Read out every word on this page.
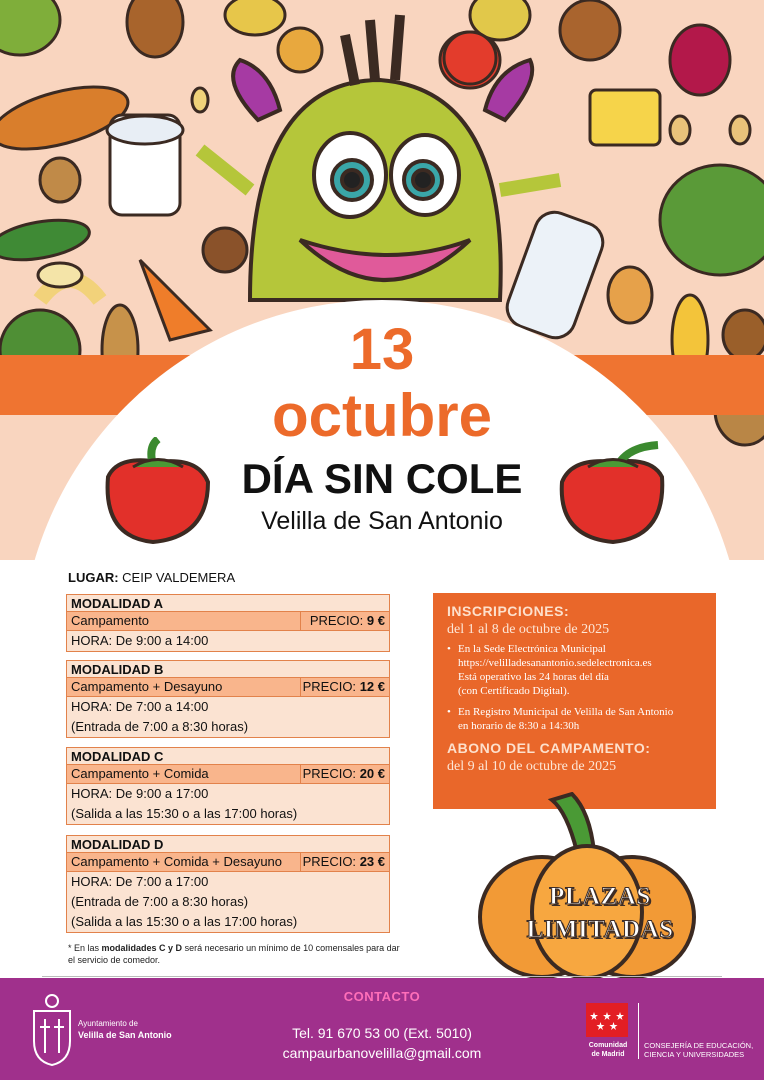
13
octubre
DÍA SIN COLE
Velilla de San Antonio
LUGAR: CEIP VALDEMERA
MODALIDAD A
Campamento	PRECIO: 9 €
HORA: De 9:00 a 14:00
MODALIDAD B
Campamento + Desayuno	PRECIO: 12 €
HORA: De 7:00 a 14:00
(Entrada de 7:00 a 8:30 horas)
MODALIDAD C
Campamento + Comida	PRECIO: 20 €
HORA: De 9:00 a 17:00
(Salida a las 15:30 o a las 17:00 horas)
MODALIDAD D
Campamento + Comida + Desayuno	PRECIO: 23 €
HORA: De 7:00 a 17:00
(Entrada de 7:00 a 8:30 horas)
(Salida a las 15:30 o a las 17:00 horas)
* En las modalidades C y D será necesario un mínimo de 10 comensales para dar el servicio de comedor.
INSCRIPCIONES:
del 1 al 8 de octubre de 2025
• En la Sede Electrónica Municipal
https://velilladesanantonio.sedelectronica.es
Está operativo las 24 horas del día
(con Certificado Digital).
• En Registro Municipal de Velilla de San Antonio
en horario de 8:30 a 14:30h
ABONO DEL CAMPAMENTO:
del 9 al 10 de octubre de 2025
PLAZAS
LIMITADAS
CONTACTO
Tel. 91 670 53 00 (Ext. 5010)
campaurbanovelilla@gmail.com
Ayuntamiento de
Velilla de San Antonio
Comunidad
de Madrid
CONSEJERÍA DE EDUCACIÓN,
CIENCIA Y UNIVERSIDADES
